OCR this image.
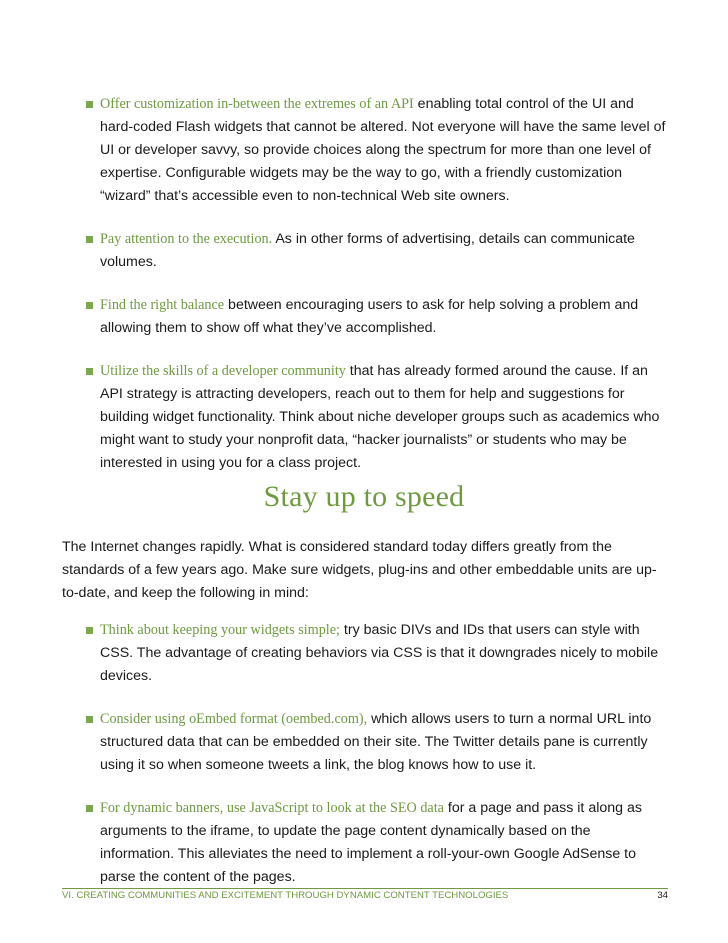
Offer customization in-between the extremes of an API enabling total control of the UI and hard-coded Flash widgets that cannot be altered. Not everyone will have the same level of UI or developer savvy, so provide choices along the spectrum for more than one level of expertise. Configurable widgets may be the way to go, with a friendly customization “wizard” that’s accessible even to non-technical Web site owners.
Pay attention to the execution. As in other forms of advertising, details can communicate volumes.
Find the right balance between encouraging users to ask for help solving a problem and allowing them to show off what they’ve accomplished.
Utilize the skills of a developer community that has already formed around the cause. If an API strategy is attracting developers, reach out to them for help and suggestions for building widget functionality. Think about niche developer groups such as academics who might want to study your nonprofit data, “hacker journalists” or students who may be interested in using you for a class project.
Stay up to speed

The Internet changes rapidly. What is considered standard today differs greatly from the standards of a few years ago. Make sure widgets, plug-ins and other embeddable units are up-to-date, and keep the following in mind:

Think about keeping your widgets simple; try basic DIVs and IDs that users can style with CSS. The advantage of creating behaviors via CSS is that it downgrades nicely to mobile devices.
Consider using oEmbed format (oembed.com), which allows users to turn a normal URL into structured data that can be embedded on their site. The Twitter details pane is currently using it so when someone tweets a link, the blog knows how to use it.
For dynamic banners, use JavaScript to look at the SEO data for a page and pass it along as arguments to the iframe, to update the page content dynamically based on the information. This alleviates the need to implement a roll-your-own Google AdSense to parse the content of the pages.
VI. CREATING COMMUNITIES AND EXCITEMENT THROUGH DYNAMIC CONTENT TECHNOLOGIES	34
